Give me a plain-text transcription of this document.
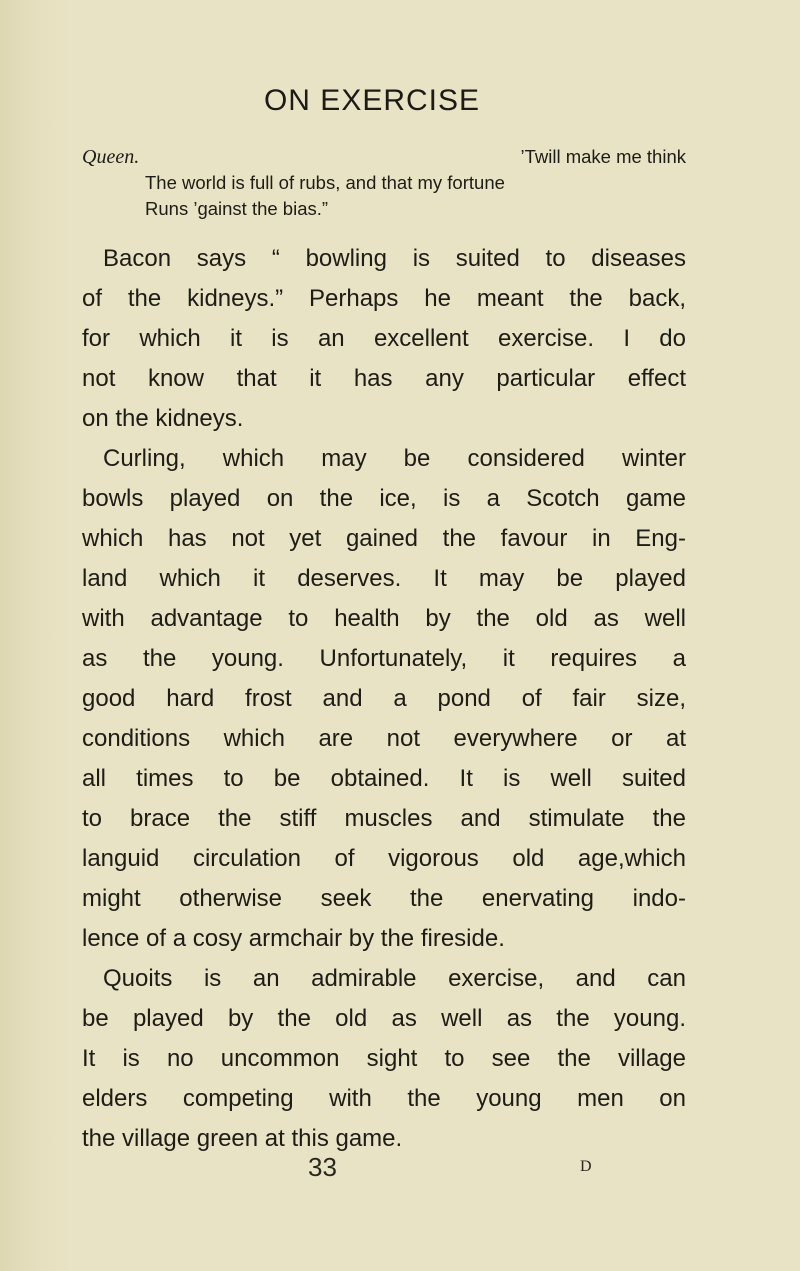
ON EXERCISE
Queen.	’Twill make me think
The world is full of rubs, and that my fortune
Runs ’gainst the bias.”
Bacon says “ bowling is suited to diseases
of the kidneys.” Perhaps he meant the back,
for which it is an excellent exercise. I do
not know that it has any particular effect
on the kidneys.
Curling, which may be considered winter
bowls played on the ice, is a Scotch game
which has not yet gained the favour in Eng-
land which it deserves. It may be played
with advantage to health by the old as well
as the young. Unfortunately, it requires a
good hard frost and a pond of fair size,
conditions which are not everywhere or at
all times to be obtained. It is well suited
to brace the stiff muscles and stimulate the
languid circulation of vigorous old age,which
might otherwise seek the enervating indo-
lence of a cosy armchair by the fireside.
Quoits is an admirable exercise, and can
be played by the old as well as the young.
It is no uncommon sight to see the village
elders competing with the young men on
the village green at this game.
33	D
